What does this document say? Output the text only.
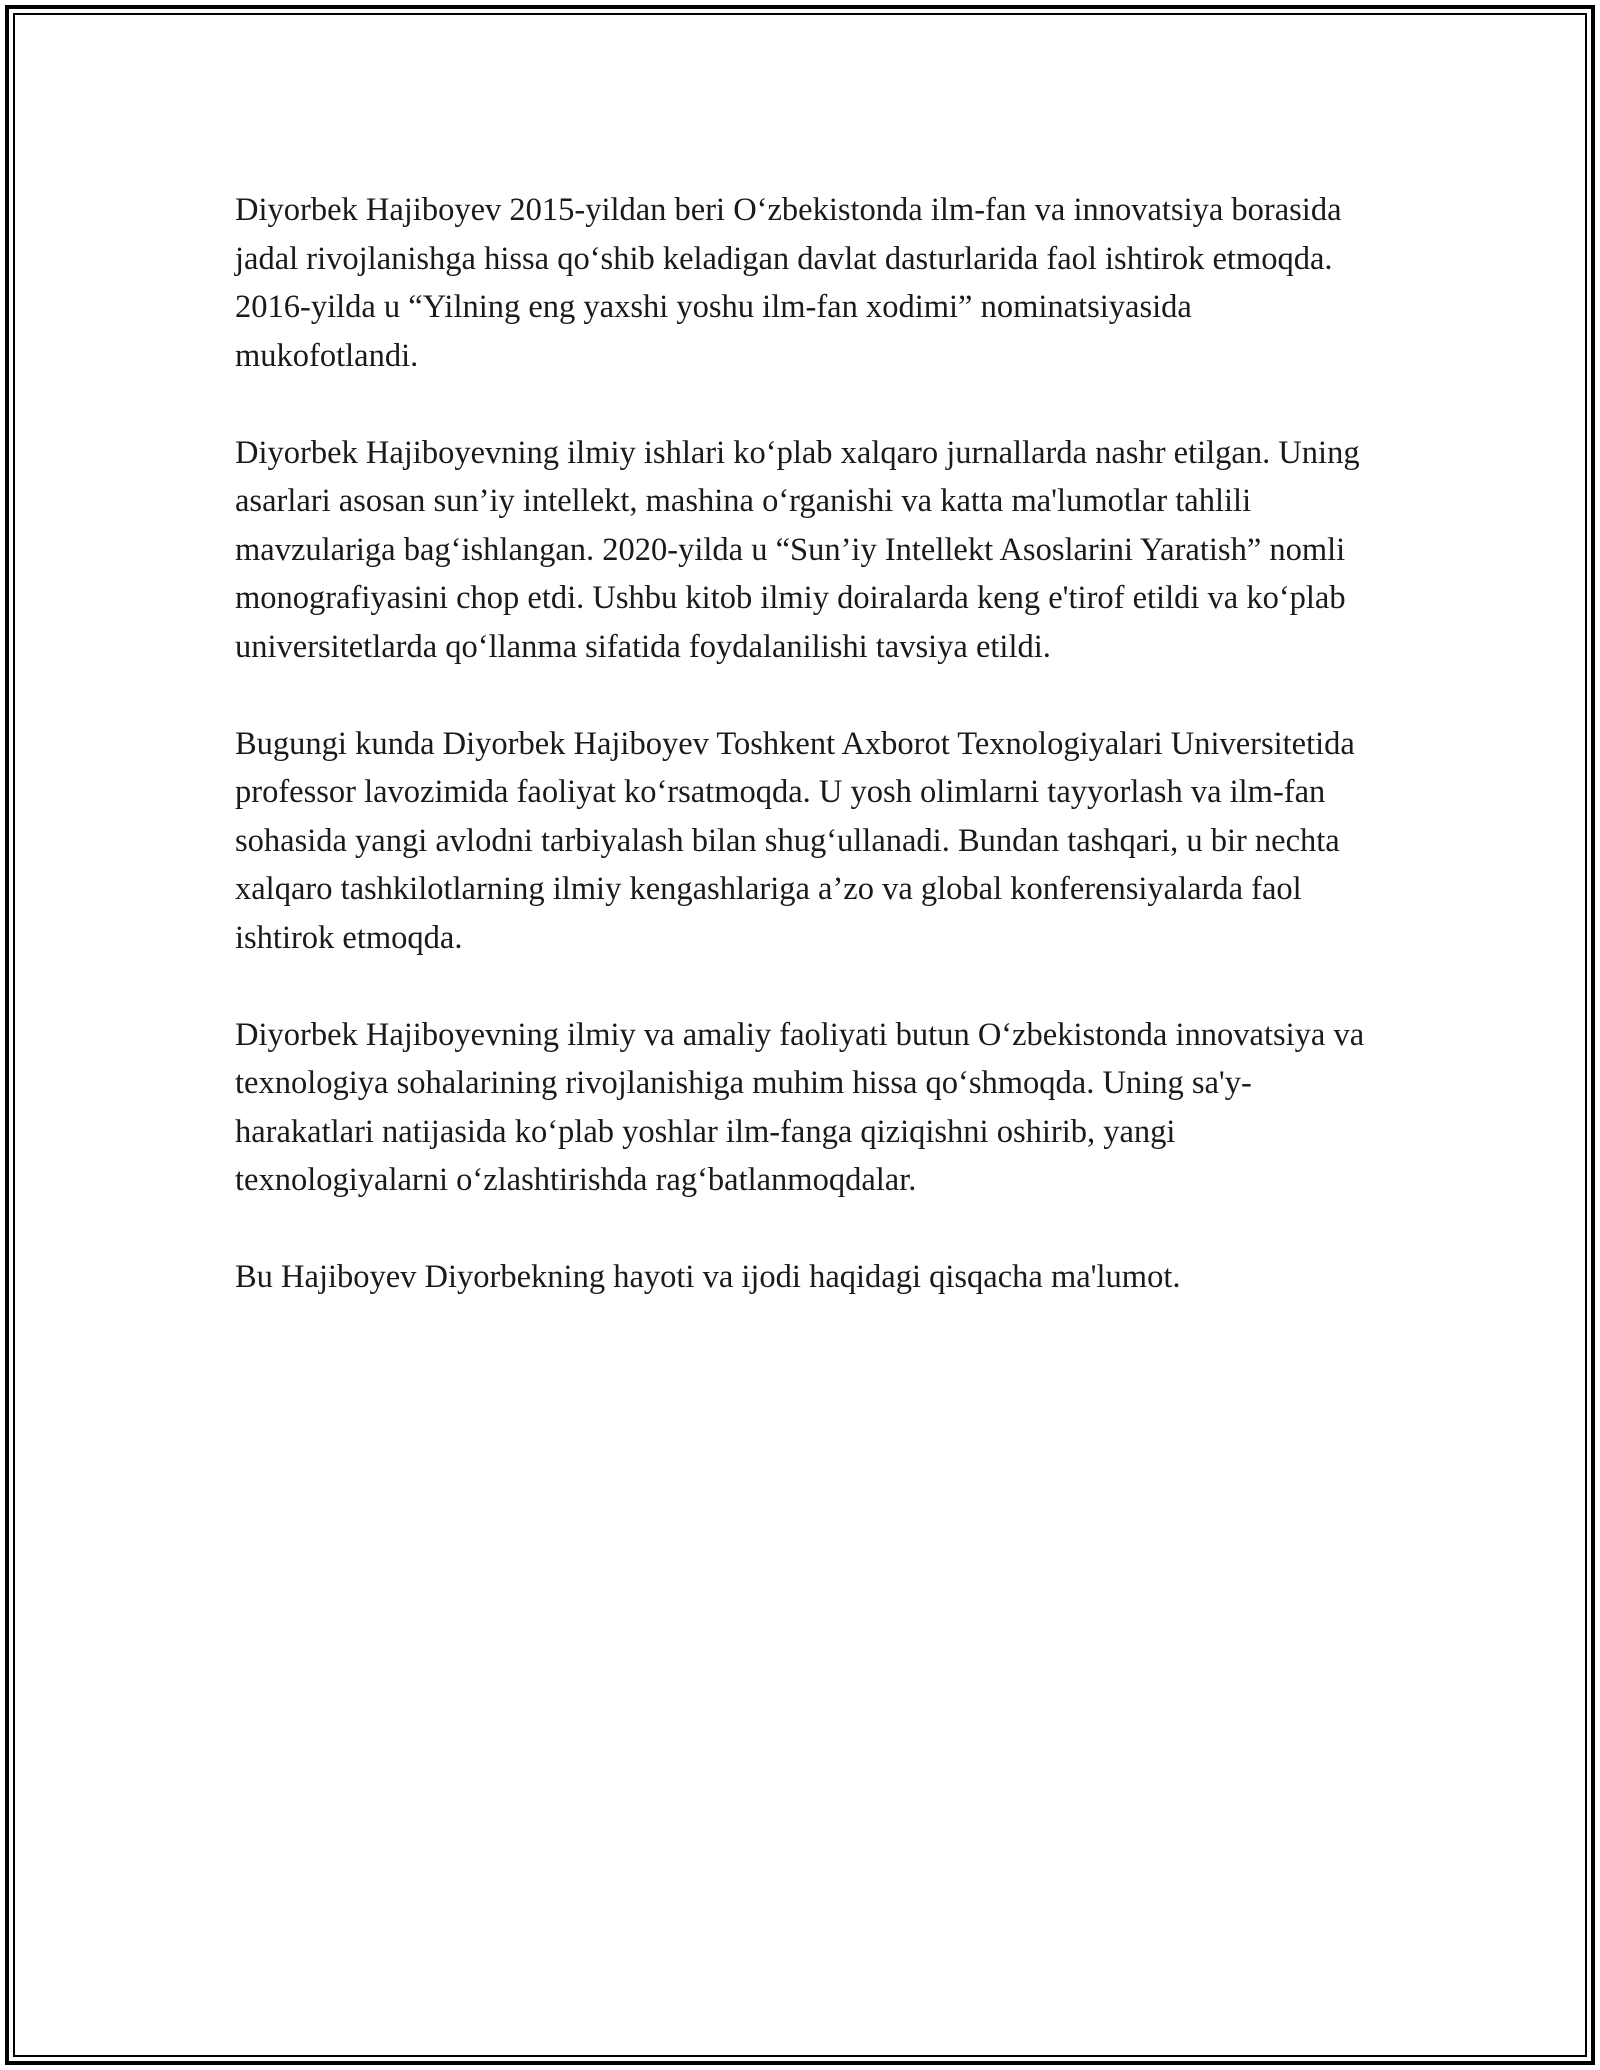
Diyorbek Hajiboyev 2015-yildan beri O‘zbekistonda ilm-fan va innovatsiya borasida jadal rivojlanishga hissa qo‘shib keladigan davlat dasturlarida faol ishtirok etmoqda. 2016-yilda u “Yilning eng yaxshi yoshu ilm-fan xodimi” nominatsiyasida mukofotlandi.

Diyorbek Hajiboyevning ilmiy ishlari ko‘plab xalqaro jurnallarda nashr etilgan. Uning asarlari asosan sun’iy intellekt, mashina o‘rganishi va katta ma'lumotlar tahlili mavzulariga bag‘ishlangan. 2020-yilda u “Sun’iy Intellekt Asoslarini Yaratish” nomli monografiyasini chop etdi. Ushbu kitob ilmiy doiralarda keng e'tirof etildi va ko‘plab universitetlarda qo‘llanma sifatida foydalanilishi tavsiya etildi.

Bugungi kunda Diyorbek Hajiboyev Toshkent Axborot Texnologiyalari Universitetida professor lavozimida faoliyat ko‘rsatmoqda. U yosh olimlarni tayyorlash va ilm-fan sohasida yangi avlodni tarbiyalash bilan shug‘ullanadi. Bundan tashqari, u bir nechta xalqaro tashkilotlarning ilmiy kengashlariga a’zo va global konferensiyalarda faol ishtirok etmoqda.

Diyorbek Hajiboyevning ilmiy va amaliy faoliyati butun O‘zbekistonda innovatsiya va texnologiya sohalarining rivojlanishiga muhim hissa qo‘shmoqda. Uning sa'y-harakatlari natijasida ko‘plab yoshlar ilm-fanga qiziqishni oshirib, yangi texnologiyalarni o‘zlashtirishda rag‘batlanmoqdalar.

Bu Hajiboyev Diyorbekning hayoti va ijodi haqidagi qisqacha ma'lumot.
